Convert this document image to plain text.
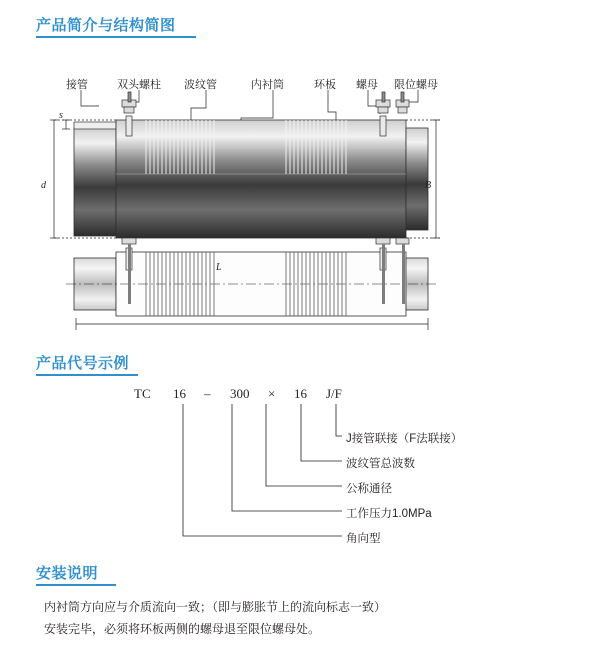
产品简介与结构简图
接管	双头螺柱 波纹管	内衬筒	环板 螺母 限位螺母
s
d	B
L
产品代号示例
TC 16 – 300 × 16 J/F
J接管联接（F法联接）
波纹管总波数
公称通径
工作压力1.0MPa
角向型
安装说明

内衬筒方向应与介质流向一致；（即与膨胀节上的流向标志一致）

安装完毕，必须将环板两侧的螺母退至限位螺母处。
